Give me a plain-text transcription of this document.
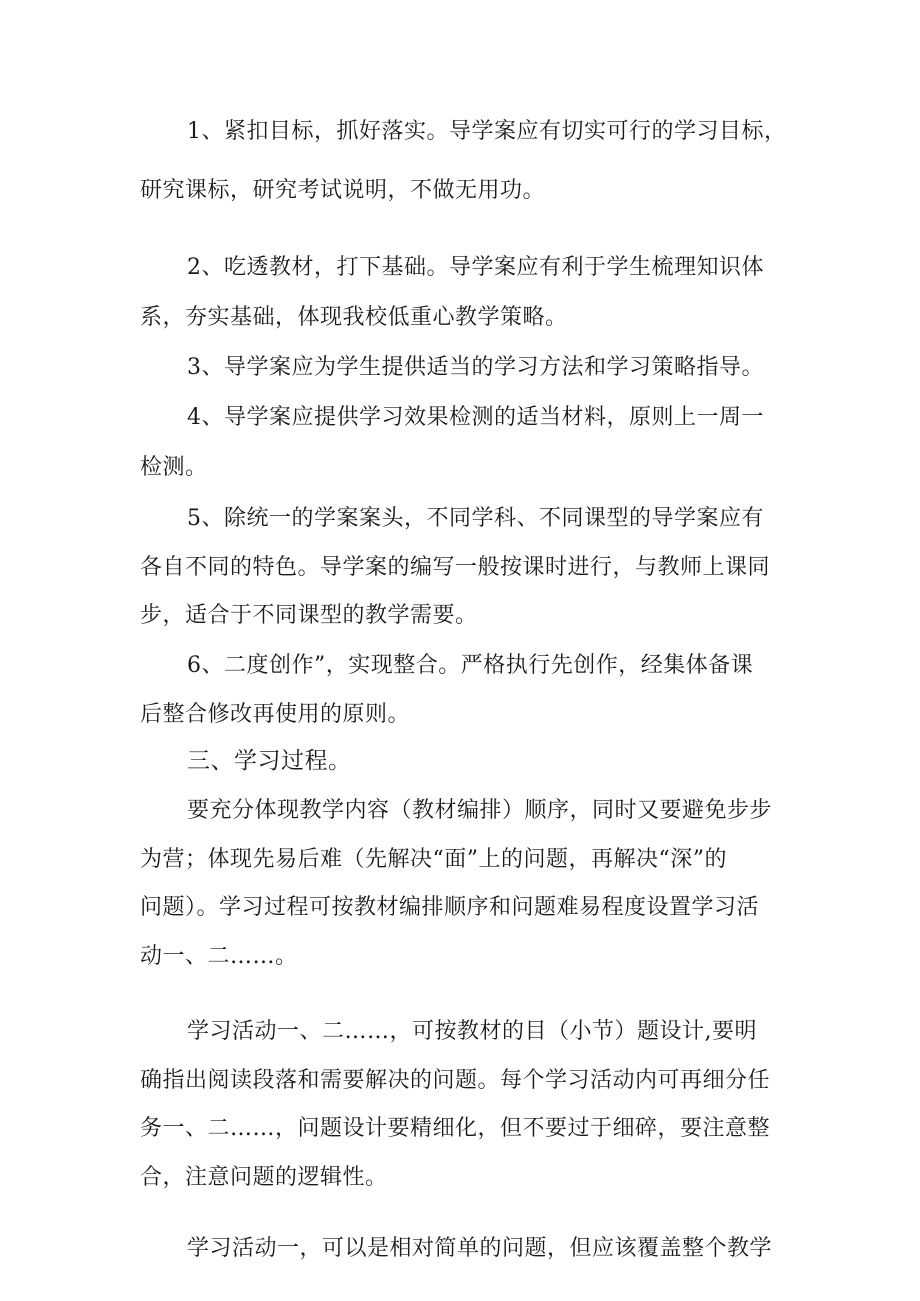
1、紧扣目标，抓好落实。导学案应有切实可行的学习目标，
研究课标，研究考试说明，不做无用功。
2、吃透教材，打下基础。导学案应有利于学生梳理知识体
系，夯实基础，体现我校低重心教学策略。
3、导学案应为学生提供适当的学习方法和学习策略指导。
4、导学案应提供学习效果检测的适当材料，原则上一周一
检测。
5、除统一的学案案头，不同学科、不同课型的导学案应有
各自不同的特色。导学案的编写一般按课时进行，与教师上课同
步，适合于不同课型的教学需要。
6、二度创作”，实现整合。严格执行先创作，经集体备课
后整合修改再使用的原则。
三、学习过程。
要充分体现教学内容（教材编排）顺序，同时又要避免步步
为营；体现先易后难（先解决“面”上的问题，再解决“深”的
问题）。学习过程可按教材编排顺序和问题难易程度设置学习活
动一、二……。
学习活动一、二……，可按教材的目（小节）题设计,要明
确指出阅读段落和需要解决的问题。每个学习活动内可再细分任
务一、二……，问题设计要精细化，但不要过于细碎，要注意整
合，注意问题的逻辑性。
学习活动一，可以是相对简单的问题，但应该覆盖整个教学
